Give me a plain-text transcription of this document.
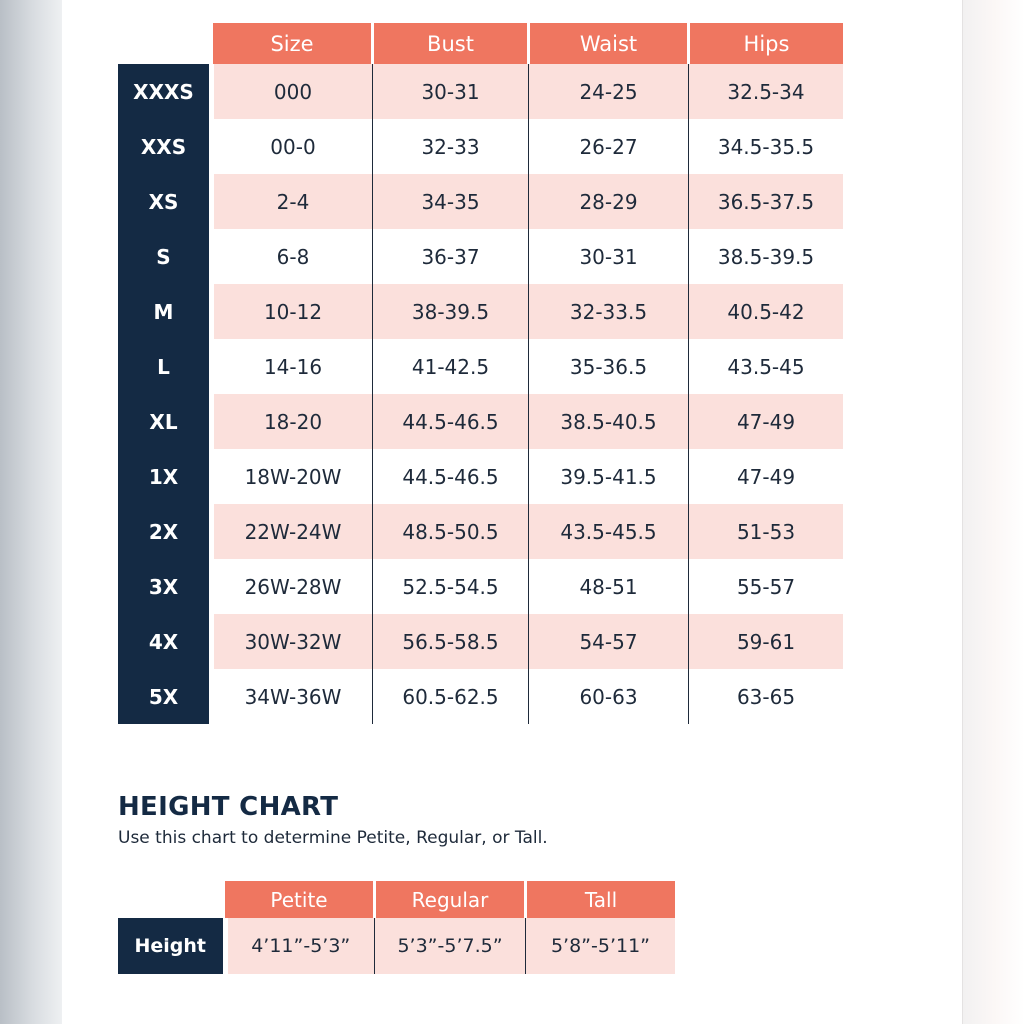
	Size	Bust	Waist	Hips
XXXS	000	30-31	24-25	32.5-34
XXS	00-0	32-33	26-27	34.5-35.5
XS	2-4	34-35	28-29	36.5-37.5
S	6-8	36-37	30-31	38.5-39.5
M	10-12	38-39.5	32-33.5	40.5-42
L	14-16	41-42.5	35-36.5	43.5-45
XL	18-20	44.5-46.5	38.5-40.5	47-49
1X	18W-20W	44.5-46.5	39.5-41.5	47-49
2X	22W-24W	48.5-50.5	43.5-45.5	51-53
3X	26W-28W	52.5-54.5	48-51	55-57
4X	30W-32W	56.5-58.5	54-57	59-61
5X	34W-36W	60.5-62.5	60-63	63-65
HEIGHT CHART

Use this chart to determine Petite, Regular, or Tall.

	Petite	Regular	Tall
Height	4’11”-5’3”	5’3”-5’7.5”	5’8”-5’11”
